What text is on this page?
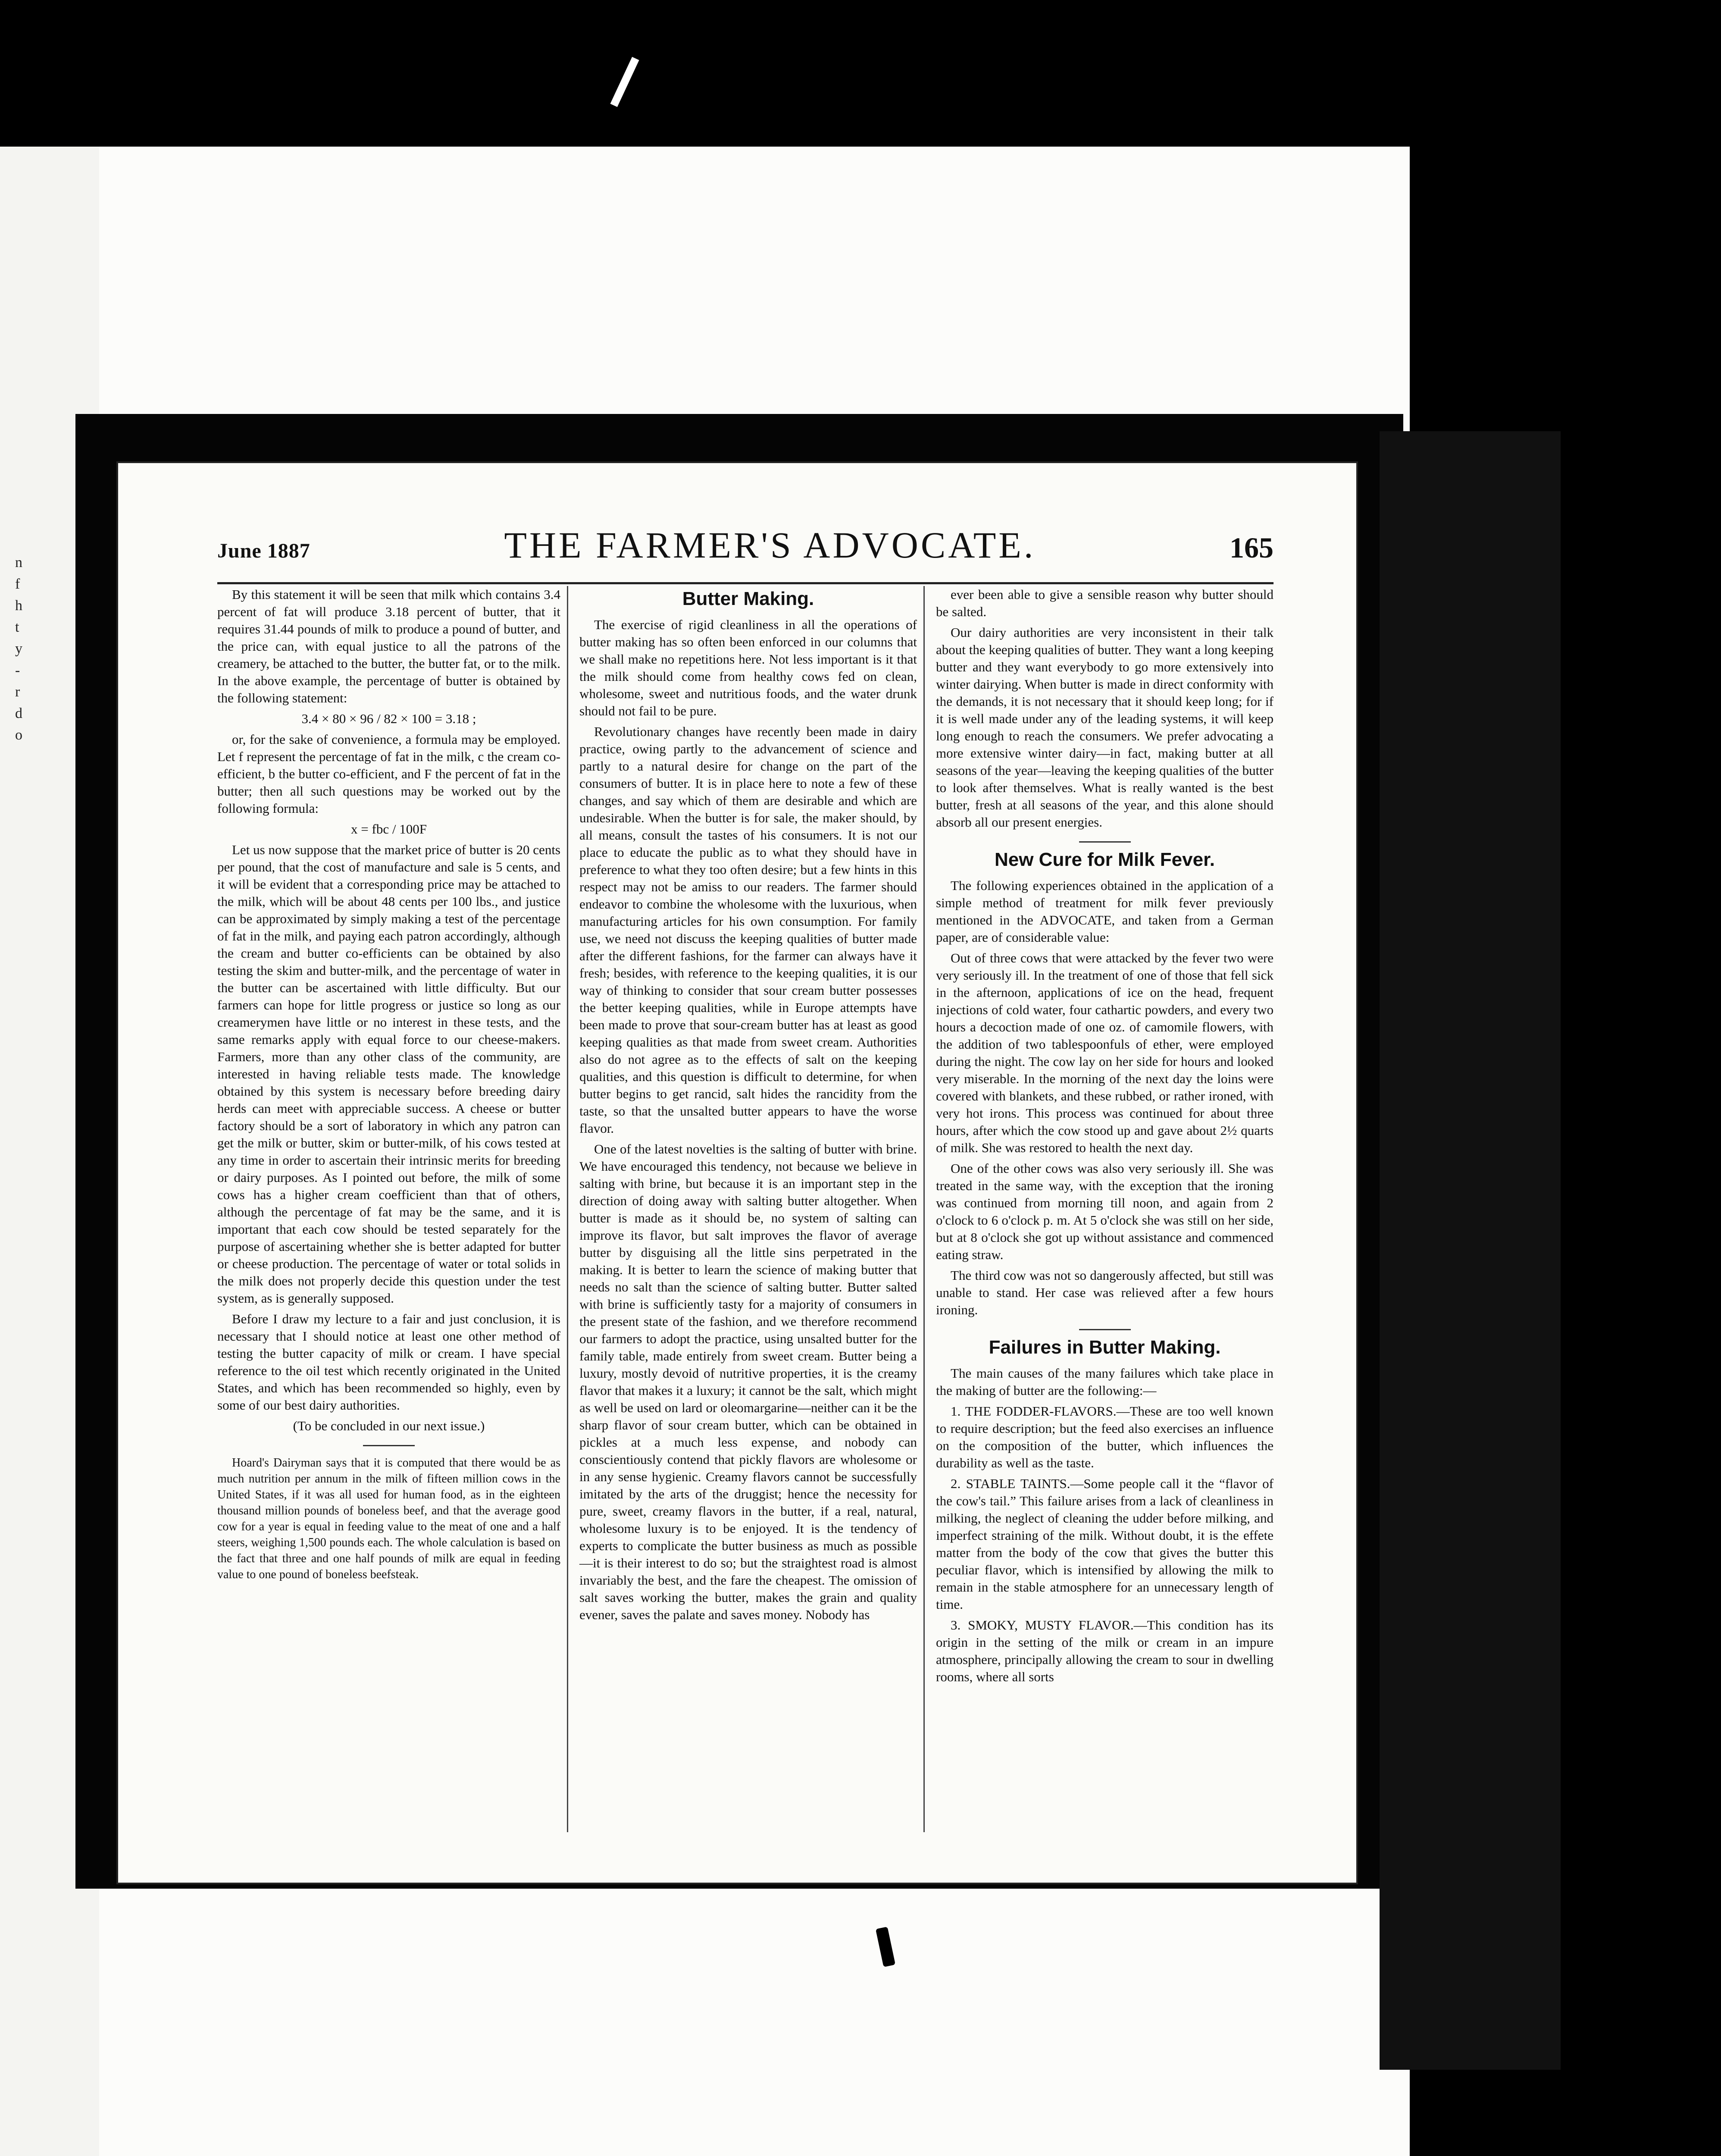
n
f
h
t
y
-
r
d
o
June 1887	THE FARMER'S ADVOCATE.	165

By this statement it will be seen that milk which contains 3.4 percent of fat will produce 3.18 percent of butter, that it requires 31.44 pounds of milk to produce a pound of butter, and the price can, with equal justice to all the patrons of the creamery, be attached to the butter, the butter fat, or to the milk. In the above example, the percentage of butter is obtained by the following statement:

3.4 × 80 × 96 / 82 × 100 = 3.18 ;

or, for the sake of convenience, a formula may be employed. Let f represent the percentage of fat in the milk, c the cream co-efficient, b the butter co-efficient, and F the percent of fat in the butter; then all such questions may be worked out by the following formula:

x = fbc / 100F

Let us now suppose that the market price of butter is 20 cents per pound, that the cost of manufacture and sale is 5 cents, and it will be evident that a corresponding price may be attached to the milk, which will be about 48 cents per 100 lbs., and justice can be approximated by simply making a test of the percentage of fat in the milk, and paying each patron accordingly, although the cream and butter co-efficients can be obtained by also testing the skim and butter-milk, and the percentage of water in the butter can be ascertained with little difficulty. But our farmers can hope for little progress or justice so long as our creamerymen have little or no interest in these tests, and the same remarks apply with equal force to our cheese-makers. Farmers, more than any other class of the community, are interested in having reliable tests made. The knowledge obtained by this system is necessary before breeding dairy herds can meet with appreciable success. A cheese or butter factory should be a sort of laboratory in which any patron can get the milk or butter, skim or butter-milk, of his cows tested at any time in order to ascertain their intrinsic merits for breeding or dairy purposes. As I pointed out before, the milk of some cows has a higher cream coefficient than that of others, although the percentage of fat may be the same, and it is important that each cow should be tested separately for the purpose of ascertaining whether she is better adapted for butter or cheese production. The percentage of water or total solids in the milk does not properly decide this question under the test system, as is generally supposed.

Before I draw my lecture to a fair and just conclusion, it is necessary that I should notice at least one other method of testing the butter capacity of milk or cream. I have special reference to the oil test which recently originated in the United States, and which has been recommended so highly, even by some of our best dairy authorities.

(To be concluded in our next issue.)

Hoard's Dairyman says that it is computed that there would be as much nutrition per annum in the milk of fifteen million cows in the United States, if it was all used for human food, as in the eighteen thousand million pounds of boneless beef, and that the average good cow for a year is equal in feeding value to the meat of one and a half steers, weighing 1,500 pounds each. The whole calculation is based on the fact that three and one half pounds of milk are equal in feeding value to one pound of boneless beefsteak.

Butter Making.

The exercise of rigid cleanliness in all the operations of butter making has so often been enforced in our columns that we shall make no repetitions here. Not less important is it that the milk should come from healthy cows fed on clean, wholesome, sweet and nutritious foods, and the water drunk should not fail to be pure.

Revolutionary changes have recently been made in dairy practice, owing partly to the advancement of science and partly to a natural desire for change on the part of the consumers of butter. It is in place here to note a few of these changes, and say which of them are desirable and which are undesirable. When the butter is for sale, the maker should, by all means, consult the tastes of his consumers. It is not our place to educate the public as to what they should have in preference to what they too often desire; but a few hints in this respect may not be amiss to our readers. The farmer should endeavor to combine the wholesome with the luxurious, when manufacturing articles for his own consumption. For family use, we need not discuss the keeping qualities of butter made after the different fashions, for the farmer can always have it fresh; besides, with reference to the keeping qualities, it is our way of thinking to consider that sour cream butter possesses the better keeping qualities, while in Europe attempts have been made to prove that sour-cream butter has at least as good keeping qualities as that made from sweet cream. Authorities also do not agree as to the effects of salt on the keeping qualities, and this question is difficult to determine, for when butter begins to get rancid, salt hides the rancidity from the taste, so that the unsalted butter appears to have the worse flavor.

One of the latest novelties is the salting of butter with brine. We have encouraged this tendency, not because we believe in salting with brine, but because it is an important step in the direction of doing away with salting butter altogether. When butter is made as it should be, no system of salting can improve its flavor, but salt improves the flavor of average butter by disguising all the little sins perpetrated in the making. It is better to learn the science of making butter that needs no salt than the science of salting butter. Butter salted with brine is sufficiently tasty for a majority of consumers in the present state of the fashion, and we therefore recommend our farmers to adopt the practice, using unsalted butter for the family table, made entirely from sweet cream. Butter being a luxury, mostly devoid of nutritive properties, it is the creamy flavor that makes it a luxury; it cannot be the salt, which might as well be used on lard or oleomargarine—neither can it be the sharp flavor of sour cream butter, which can be obtained in pickles at a much less expense, and nobody can conscientiously contend that pickly flavors are wholesome or in any sense hygienic. Creamy flavors cannot be successfully imitated by the arts of the druggist; hence the necessity for pure, sweet, creamy flavors in the butter, if a real, natural, wholesome luxury is to be enjoyed. It is the tendency of experts to complicate the butter business as much as possible—it is their interest to do so; but the straightest road is almost invariably the best, and the fare the cheapest. The omission of salt saves working the butter, makes the grain and quality evener, saves the palate and saves money. Nobody has

ever been able to give a sensible reason why butter should be salted.

Our dairy authorities are very inconsistent in their talk about the keeping qualities of butter. They want a long keeping butter and they want everybody to go more extensively into winter dairying. When butter is made in direct conformity with the demands, it is not necessary that it should keep long; for if it is well made under any of the leading systems, it will keep long enough to reach the consumers. We prefer advocating a more extensive winter dairy—in fact, making butter at all seasons of the year—leaving the keeping qualities of the butter to look after themselves. What is really wanted is the best butter, fresh at all seasons of the year, and this alone should absorb all our present energies.

New Cure for Milk Fever.

The following experiences obtained in the application of a simple method of treatment for milk fever previously mentioned in the ADVOCATE, and taken from a German paper, are of considerable value:

Out of three cows that were attacked by the fever two were very seriously ill. In the treatment of one of those that fell sick in the afternoon, applications of ice on the head, frequent injections of cold water, four cathartic powders, and every two hours a decoction made of one oz. of camomile flowers, with the addition of two tablespoonfuls of ether, were employed during the night. The cow lay on her side for hours and looked very miserable. In the morning of the next day the loins were covered with blankets, and these rubbed, or rather ironed, with very hot irons. This process was continued for about three hours, after which the cow stood up and gave about 2½ quarts of milk. She was restored to health the next day.

One of the other cows was also very seriously ill. She was treated in the same way, with the exception that the ironing was continued from morning till noon, and again from 2 o'clock to 6 o'clock p. m. At 5 o'clock she was still on her side, but at 8 o'clock she got up without assistance and commenced eating straw.

The third cow was not so dangerously affected, but still was unable to stand. Her case was relieved after a few hours ironing.

Failures in Butter Making.

The main causes of the many failures which take place in the making of butter are the following:—

1. THE FODDER-FLAVORS.—These are too well known to require description; but the feed also exercises an influence on the composition of the butter, which influences the durability as well as the taste.

2. STABLE TAINTS.—Some people call it the “flavor of the cow's tail.” This failure arises from a lack of cleanliness in milking, the neglect of cleaning the udder before milking, and imperfect straining of the milk. Without doubt, it is the effete matter from the body of the cow that gives the butter this peculiar flavor, which is intensified by allowing the milk to remain in the stable atmosphere for an unnecessary length of time.

3. SMOKY, MUSTY FLAVOR.—This condition has its origin in the setting of the milk or cream in an impure atmosphere, principally allowing the cream to sour in dwelling rooms, where all sorts
